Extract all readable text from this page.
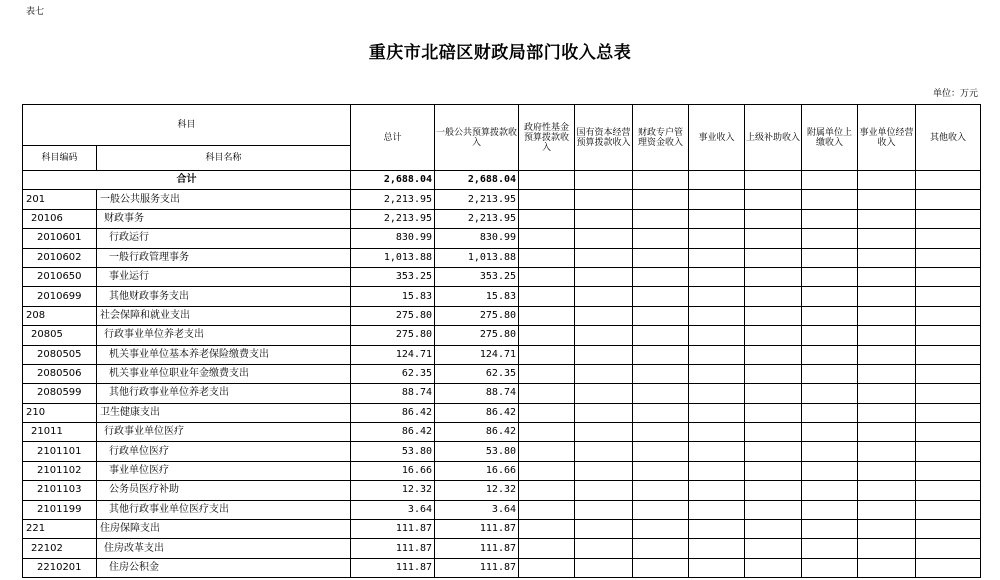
表七
重庆市北碚区财政局部门收入总表
单位：万元
科目		总计	一般公共预算拨款收入	政府性基金预算拨款收入	国有资本经营预算拨款收入	财政专户管理资金收入	事业收入	上级补助收入	附属单位上缴收入	事业单位经营收入	其他收入
科目编码	科目名称										
合计		2,688.04	2,688.04								
201	一般公共服务支出	2,213.95	2,213.95								
20106	财政事务	2,213.95	2,213.95								
2010601	行政运行	830.99	830.99								
2010602	一般行政管理事务	1,013.88	1,013.88								
2010650	事业运行	353.25	353.25								
2010699	其他财政事务支出	15.83	15.83								
208	社会保障和就业支出	275.80	275.80								
20805	行政事业单位养老支出	275.80	275.80								
2080505	机关事业单位基本养老保险缴费支出	124.71	124.71								
2080506	机关事业单位职业年金缴费支出	62.35	62.35								
2080599	其他行政事业单位养老支出	88.74	88.74								
210	卫生健康支出	86.42	86.42								
21011	行政事业单位医疗	86.42	86.42								
2101101	行政单位医疗	53.80	53.80								
2101102	事业单位医疗	16.66	16.66								
2101103	公务员医疗补助	12.32	12.32								
2101199	其他行政事业单位医疗支出	3.64	3.64								
221	住房保障支出	111.87	111.87								
22102	住房改革支出	111.87	111.87								
2210201	住房公积金	111.87	111.87								
